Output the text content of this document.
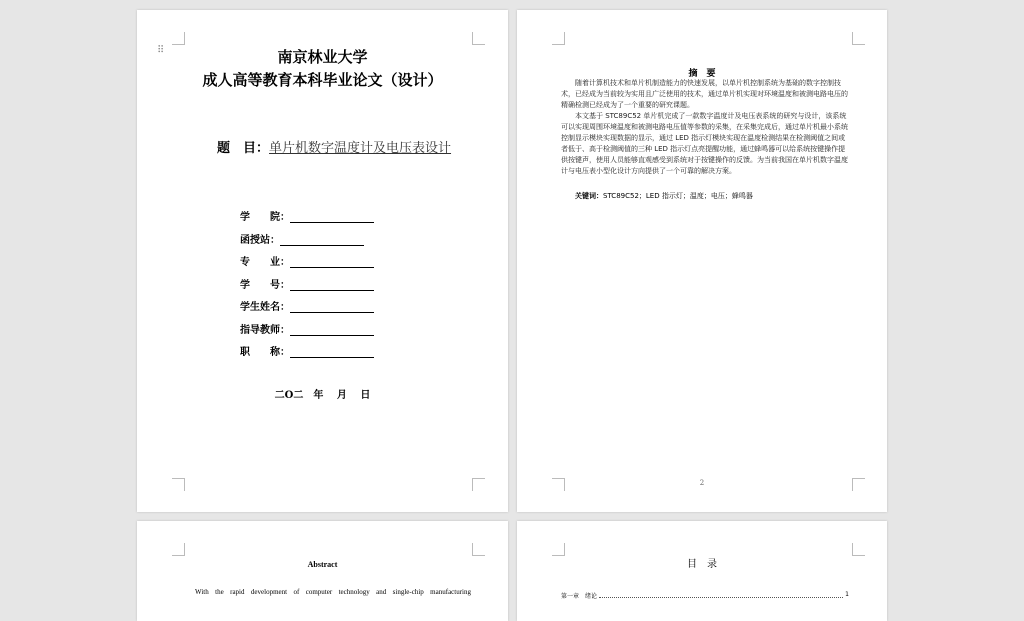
⠿	南京林业大学
成人高等教育本科毕业论文（设计）
题　目：单片机数字温度计及电压表设计
学　　院：
函授站：
专　　业：
学　　号：
学生姓名：
指导教师：
职　　称：
二O二　年　 月　 日
摘　要

随着计算机技术和单片机制造能力的快速发展，以单片机控制系统为基础的数字控制技术，已经成为当前较为实用且广泛使用的技术，通过单片机实现对环境温度和被测电路电压的精确检测已经成为了一个重要的研究课题。

本文基于 STC89C52 单片机完成了一款数字温度计及电压表系统的研究与设计，该系统可以实现周围环境温度和被测电路电压值等参数的采集，在采集完成后，通过单片机最小系统控制显示模块实现数据的显示，通过 LED 指示灯模块实现在温度检测结果在检测阈值之间或者低于、高于检测阈值的三种 LED 指示灯点亮提醒功能，通过蜂鸣器可以给系统按键操作提供按键声，使用人员能够直观感受到系统对于按键操作的反馈。为当前我国在单片机数字温度计与电压表小型化设计方向提供了一个可靠的解决方案。

关键词：STC89C52；LED 指示灯；温度；电压；蜂鸣器
2
Abstract
With the rapid development of computer technology and single-chip manufacturing
目　录
第一章 绪论	1
